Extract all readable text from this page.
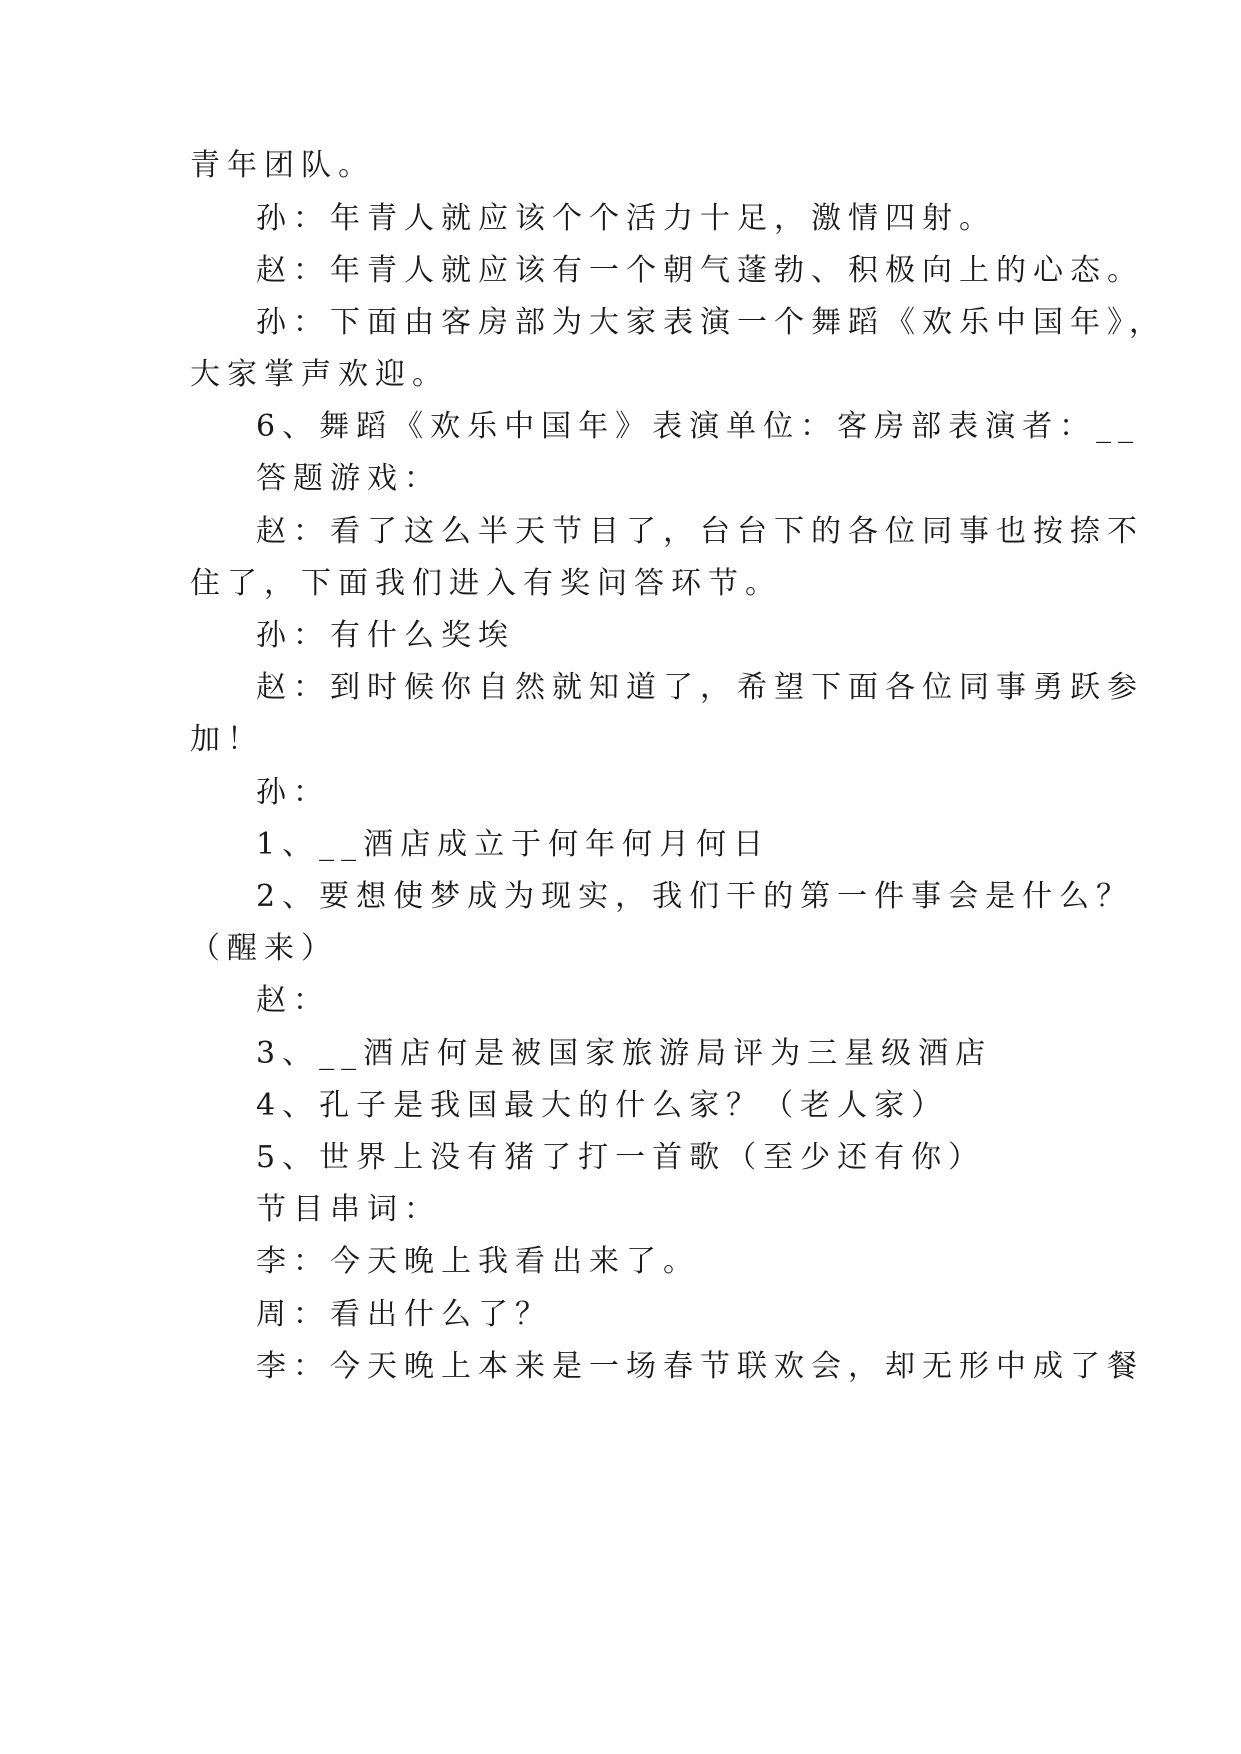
青年团队。
孙：年青人就应该个个活力十足，激情四射。
赵：年青人就应该有一个朝气蓬勃、积极向上的心态。
孙：下面由客房部为大家表演一个舞蹈《欢乐中国年》，
大家掌声欢迎。
6、舞蹈《欢乐中国年》表演单位：客房部表演者：__
答题游戏：
赵：看了这么半天节目了，台台下的各位同事也按捺不
住了，下面我们进入有奖问答环节。
孙：有什么奖埃
赵：到时候你自然就知道了，希望下面各位同事勇跃参
加！
孙：
1、__酒店成立于何年何月何日
2、要想使梦成为现实，我们干的第一件事会是什么？
（醒来）
赵：
3、__酒店何是被国家旅游局评为三星级酒店
4、孔子是我国最大的什么家？（老人家）
5、世界上没有猪了打一首歌（至少还有你）
节目串词：
李：今天晚上我看出来了。
周：看出什么了？
李：今天晚上本来是一场春节联欢会，却无形中成了餐
